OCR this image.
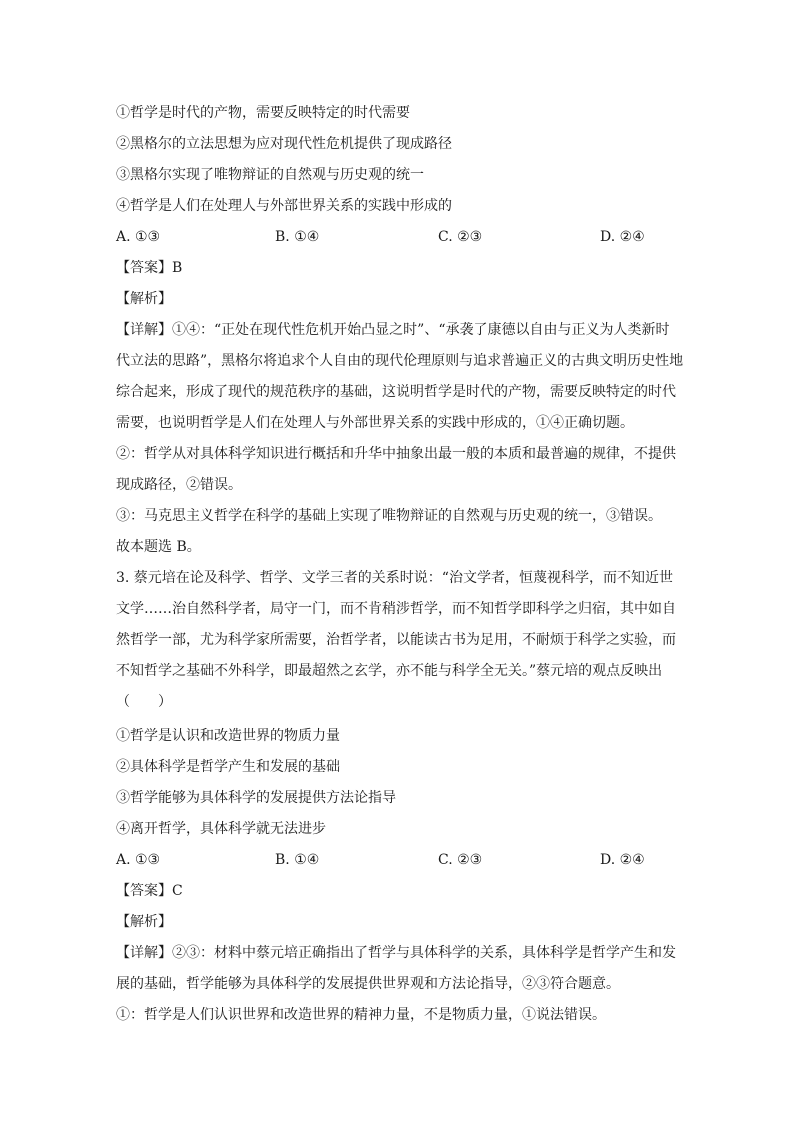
①哲学是时代的产物，需要反映特定的时代需要
②黑格尔的立法思想为应对现代性危机提供了现成路径
③黑格尔实现了唯物辩证的自然观与历史观的统一
④哲学是人们在处理人与外部世界关系的实践中形成的
A. ①③	B. ①④	C. ②③	D. ②④
【答案】B
【解析】
【详解】①④：“正处在现代性危机开始凸显之时”、“承袭了康德以自由与正义为人类新时
代立法的思路”，黑格尔将追求个人自由的现代伦理原则与追求普遍正义的古典文明历史性地
综合起来，形成了现代的规范秩序的基础，这说明哲学是时代的产物，需要反映特定的时代
需要，也说明哲学是人们在处理人与外部世界关系的实践中形成的，①④正确切题。
②：哲学从对具体科学知识进行概括和升华中抽象出最一般的本质和最普遍的规律，不提供
现成路径，②错误。
③：马克思主义哲学在科学的基础上实现了唯物辩证的自然观与历史观的统一，③错误。
故本题选 B。
3. 蔡元培在论及科学、哲学、文学三者的关系时说：“治文学者，恒蔑视科学，而不知近世
文学……治自然科学者，局守一门，而不肯稍涉哲学，而不知哲学即科学之归宿，其中如自
然哲学一部，尤为科学家所需要，治哲学者，以能读古书为足用，不耐烦于科学之实验，而
不知哲学之基础不外科学，即最超然之玄学，亦不能与科学全无关。”蔡元培的观点反映出
（　　）
①哲学是认识和改造世界的物质力量
②具体科学是哲学产生和发展的基础
③哲学能够为具体科学的发展提供方法论指导
④离开哲学，具体科学就无法进步
A. ①③	B. ①④	C. ②③	D. ②④
【答案】C
【解析】
【详解】②③：材料中蔡元培正确指出了哲学与具体科学的关系，具体科学是哲学产生和发
展的基础，哲学能够为具体科学的发展提供世界观和方法论指导，②③符合题意。
①：哲学是人们认识世界和改造世界的精神力量，不是物质力量，①说法错误。
